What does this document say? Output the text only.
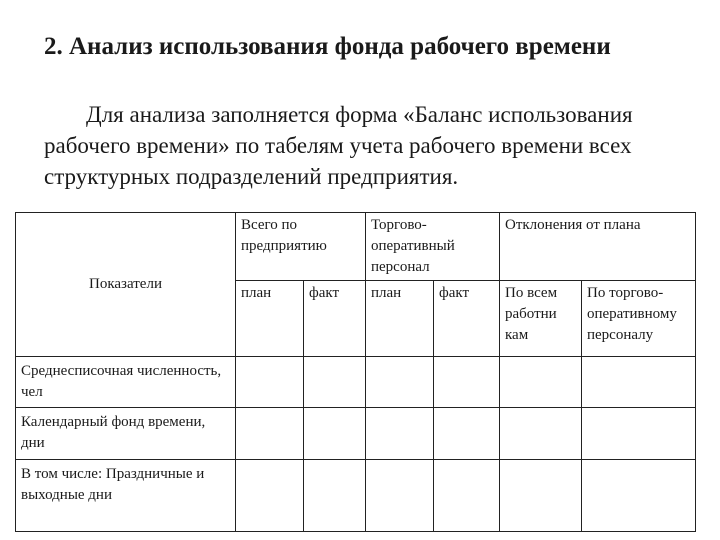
2. Анализ использования фонда рабочего времени

Для анализа заполняется форма «Баланс использования рабочего времени» по табелям учета рабочего времени всех структурных подразделений предприятия.

Показатели	Всего по предприятию		Торгово-оперативный персонал		Отклонения от плана	
	план	факт	план	факт	По всем работни кам	По торгово-оперативному персоналу
Среднесписочная численность, чел						
Календарный фонд времени, дни						
В том числе: Праздничные и выходные дни						
